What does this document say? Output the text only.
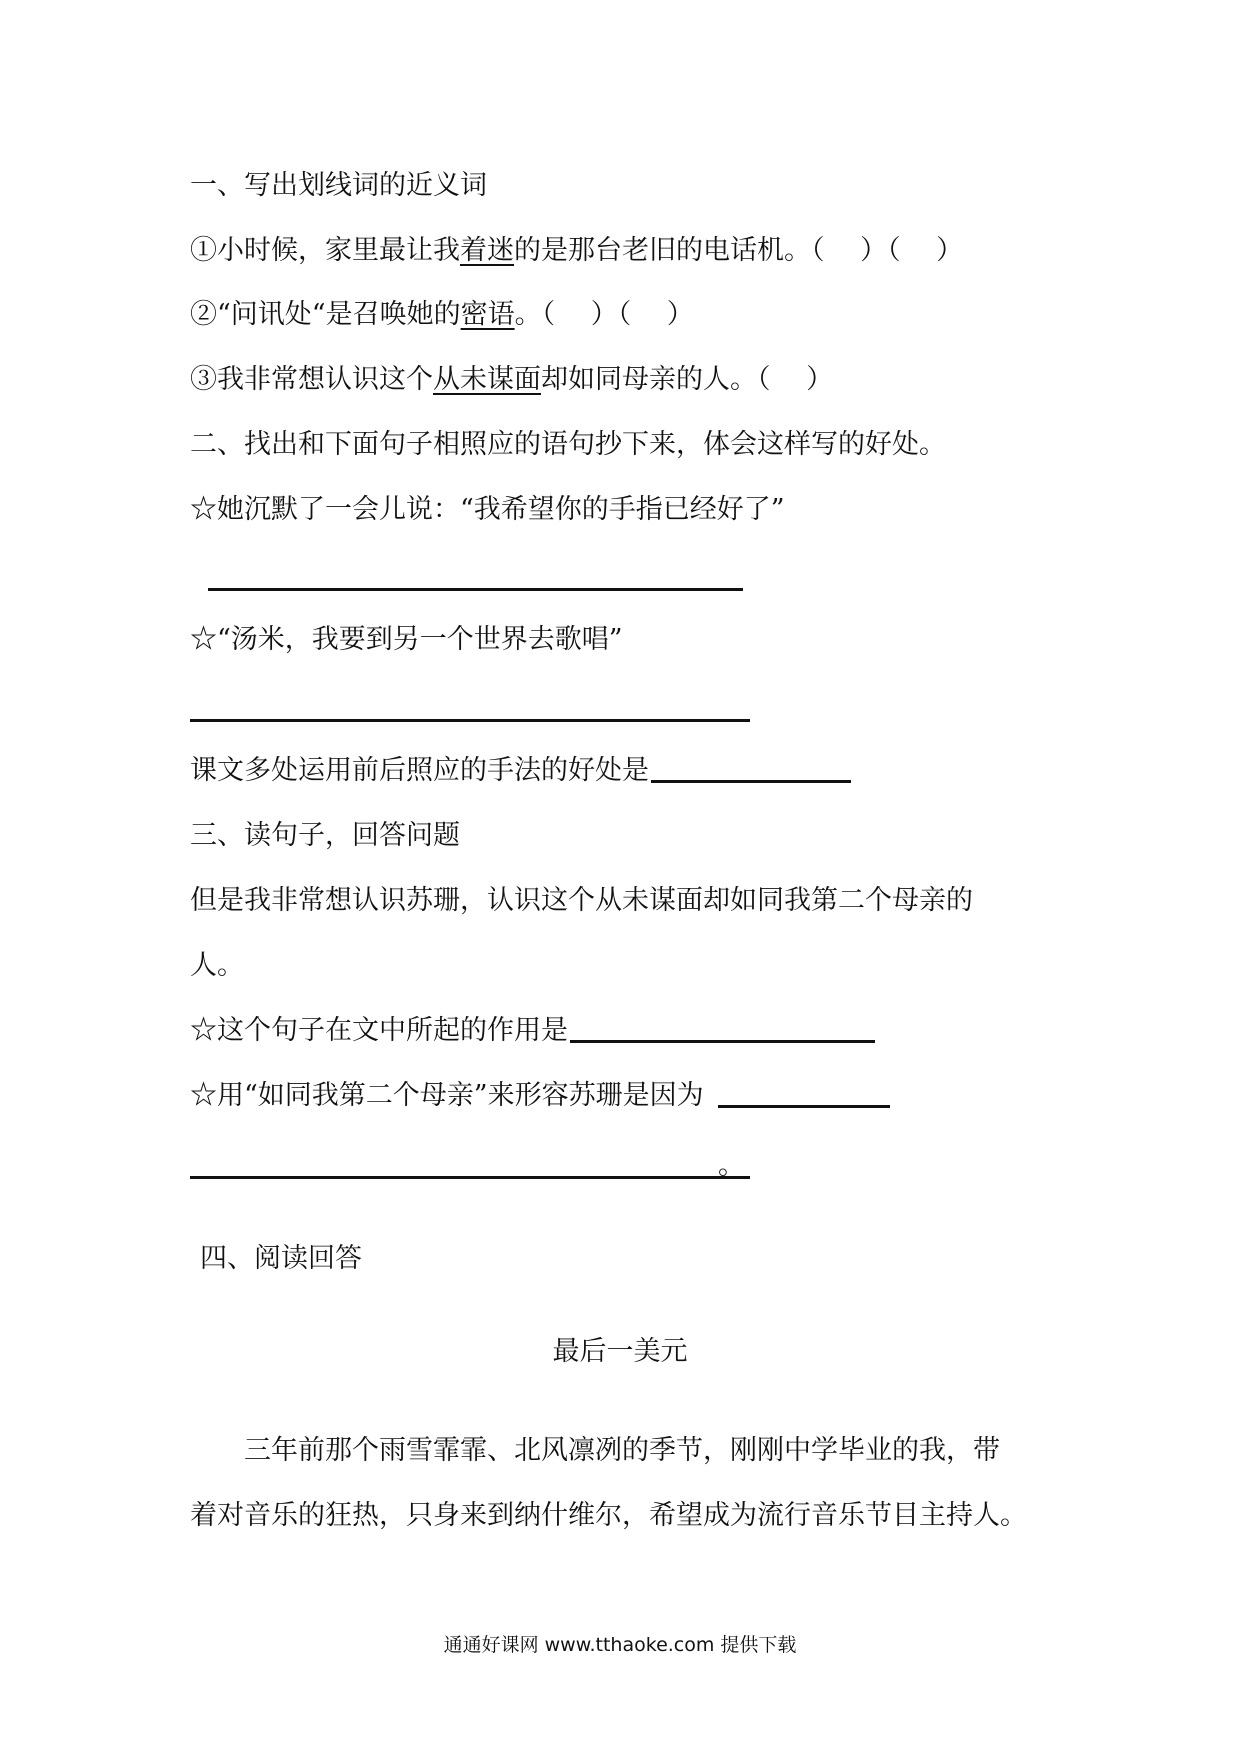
一、写出划线词的近义词
①小时候，家里最让我着迷的是那台老旧的电话机。（　 ）（　 ）
②“问讯处“是召唤她的密语。（　 ）（　 ）
③我非常想认识这个从未谋面却如同母亲的人。（　 ）
二、找出和下面句子相照应的语句抄下来，体会这样写的好处。
☆她沉默了一会儿说：“我希望你的手指已经好了”
☆“汤米，我要到另一个世界去歌唱”
课文多处运用前后照应的手法的好处是
三、读句子，回答问题
但是我非常想认识苏珊，认识这个从未谋面却如同我第二个母亲的
人。
☆这个句子在文中所起的作用是
☆用“如同我第二个母亲”来形容苏珊是因为
。
四、阅读回答
最后一美元
三年前那个雨雪霏霏、北风凛冽的季节，刚刚中学毕业的我，带
着对音乐的狂热，只身来到纳什维尔，希望成为流行音乐节目主持人。
通通好课网 www.tthaoke.com 提供下载
